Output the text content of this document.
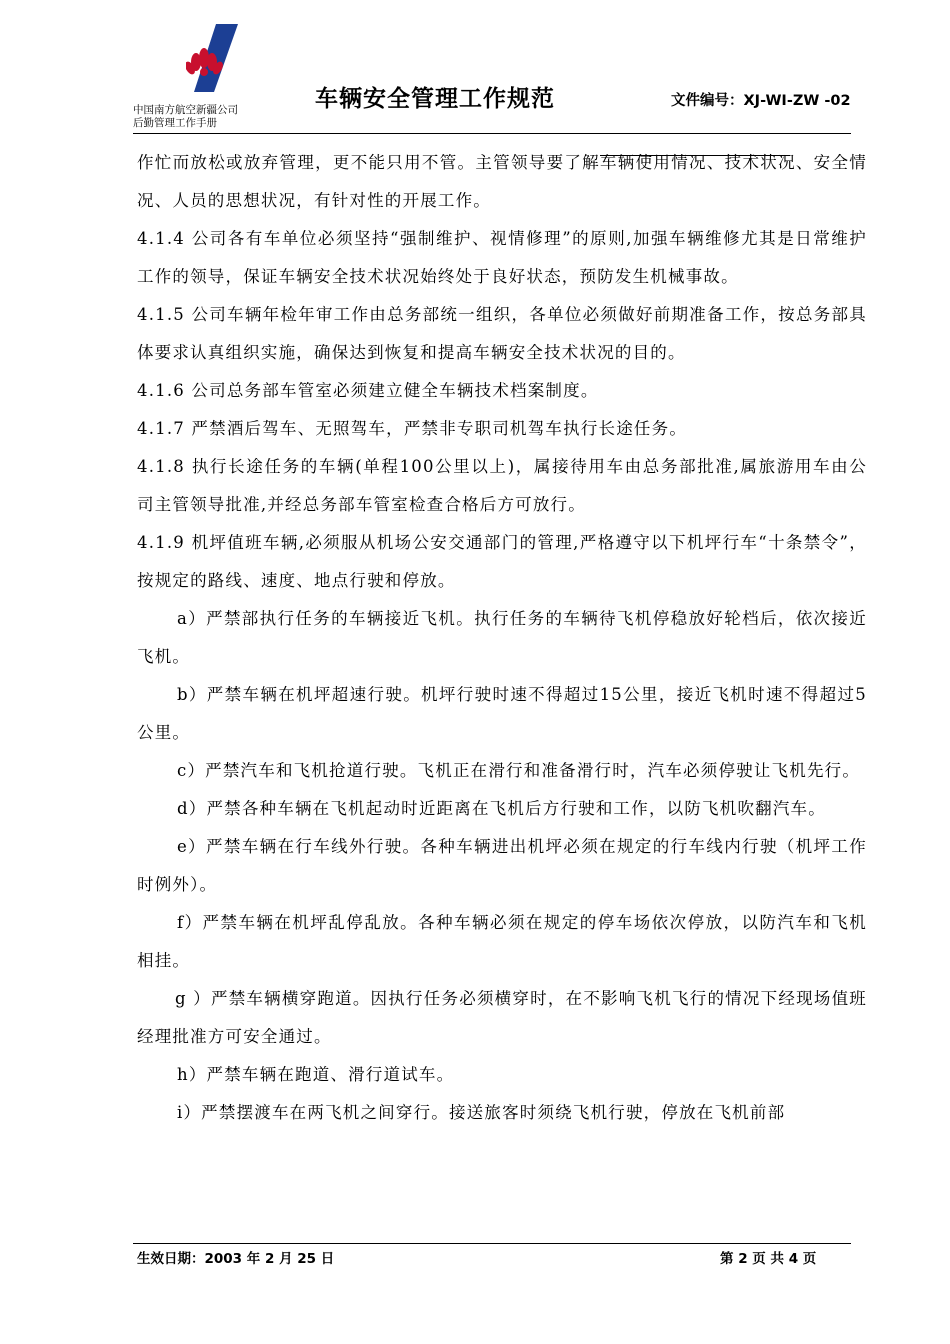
中国南方航空新疆公司
后勤管理工作手册
车辆安全管理工作规范	文件编号：XJ-WI-ZW -02

作忙而放松或放弃管理，更不能只用不管。主管领导要了解车辆使用情况、技术状况、安全情况、人员的思想状况，有针对性的开展工作。

4.1.4 公司各有车单位必须坚持“强制维护、视情修理”的原则,加强车辆维修尤其是日常维护工作的领导，保证车辆安全技术状况始终处于良好状态，预防发生机械事故。

4.1.5 公司车辆年检年审工作由总务部统一组织，各单位必须做好前期准备工作，按总务部具体要求认真组织实施，确保达到恢复和提高车辆安全技术状况的目的。

4.1.6 公司总务部车管室必须建立健全车辆技术档案制度。

4.1.7 严禁酒后驾车、无照驾车，严禁非专职司机驾车执行长途任务。

4.1.8 执行长途任务的车辆(单程100公里以上)，属接待用车由总务部批准,属旅游用车由公司主管领导批准,并经总务部车管室检查合格后方可放行。

4.1.9 机坪值班车辆,必须服从机场公安交通部门的管理,严格遵守以下机坪行车“十条禁令”，按规定的路线、速度、地点行驶和停放。

a）严禁部执行任务的车辆接近飞机。执行任务的车辆待飞机停稳放好轮档后，依次接近飞机。

b）严禁车辆在机坪超速行驶。机坪行驶时速不得超过15公里，接近飞机时速不得超过5公里。

c）严禁汽车和飞机抢道行驶。飞机正在滑行和准备滑行时，汽车必须停驶让飞机先行。

d）严禁各种车辆在飞机起动时近距离在飞机后方行驶和工作，以防飞机吹翻汽车。

e）严禁车辆在行车线外行驶。各种车辆进出机坪必须在规定的行车线内行驶（机坪工作时例外）。

f）严禁车辆在机坪乱停乱放。各种车辆必须在规定的停车场依次停放，以防汽车和飞机相挂。

g ）严禁车辆横穿跑道。因执行任务必须横穿时，在不影响飞机飞行的情况下经现场值班经理批准方可安全通过。

h）严禁车辆在跑道、滑行道试车。

i）严禁摆渡车在两飞机之间穿行。接送旅客时须绕飞机行驶，停放在飞机前部

生效日期：2003 年 2 月 25 日	第 2 页 共 4 页
